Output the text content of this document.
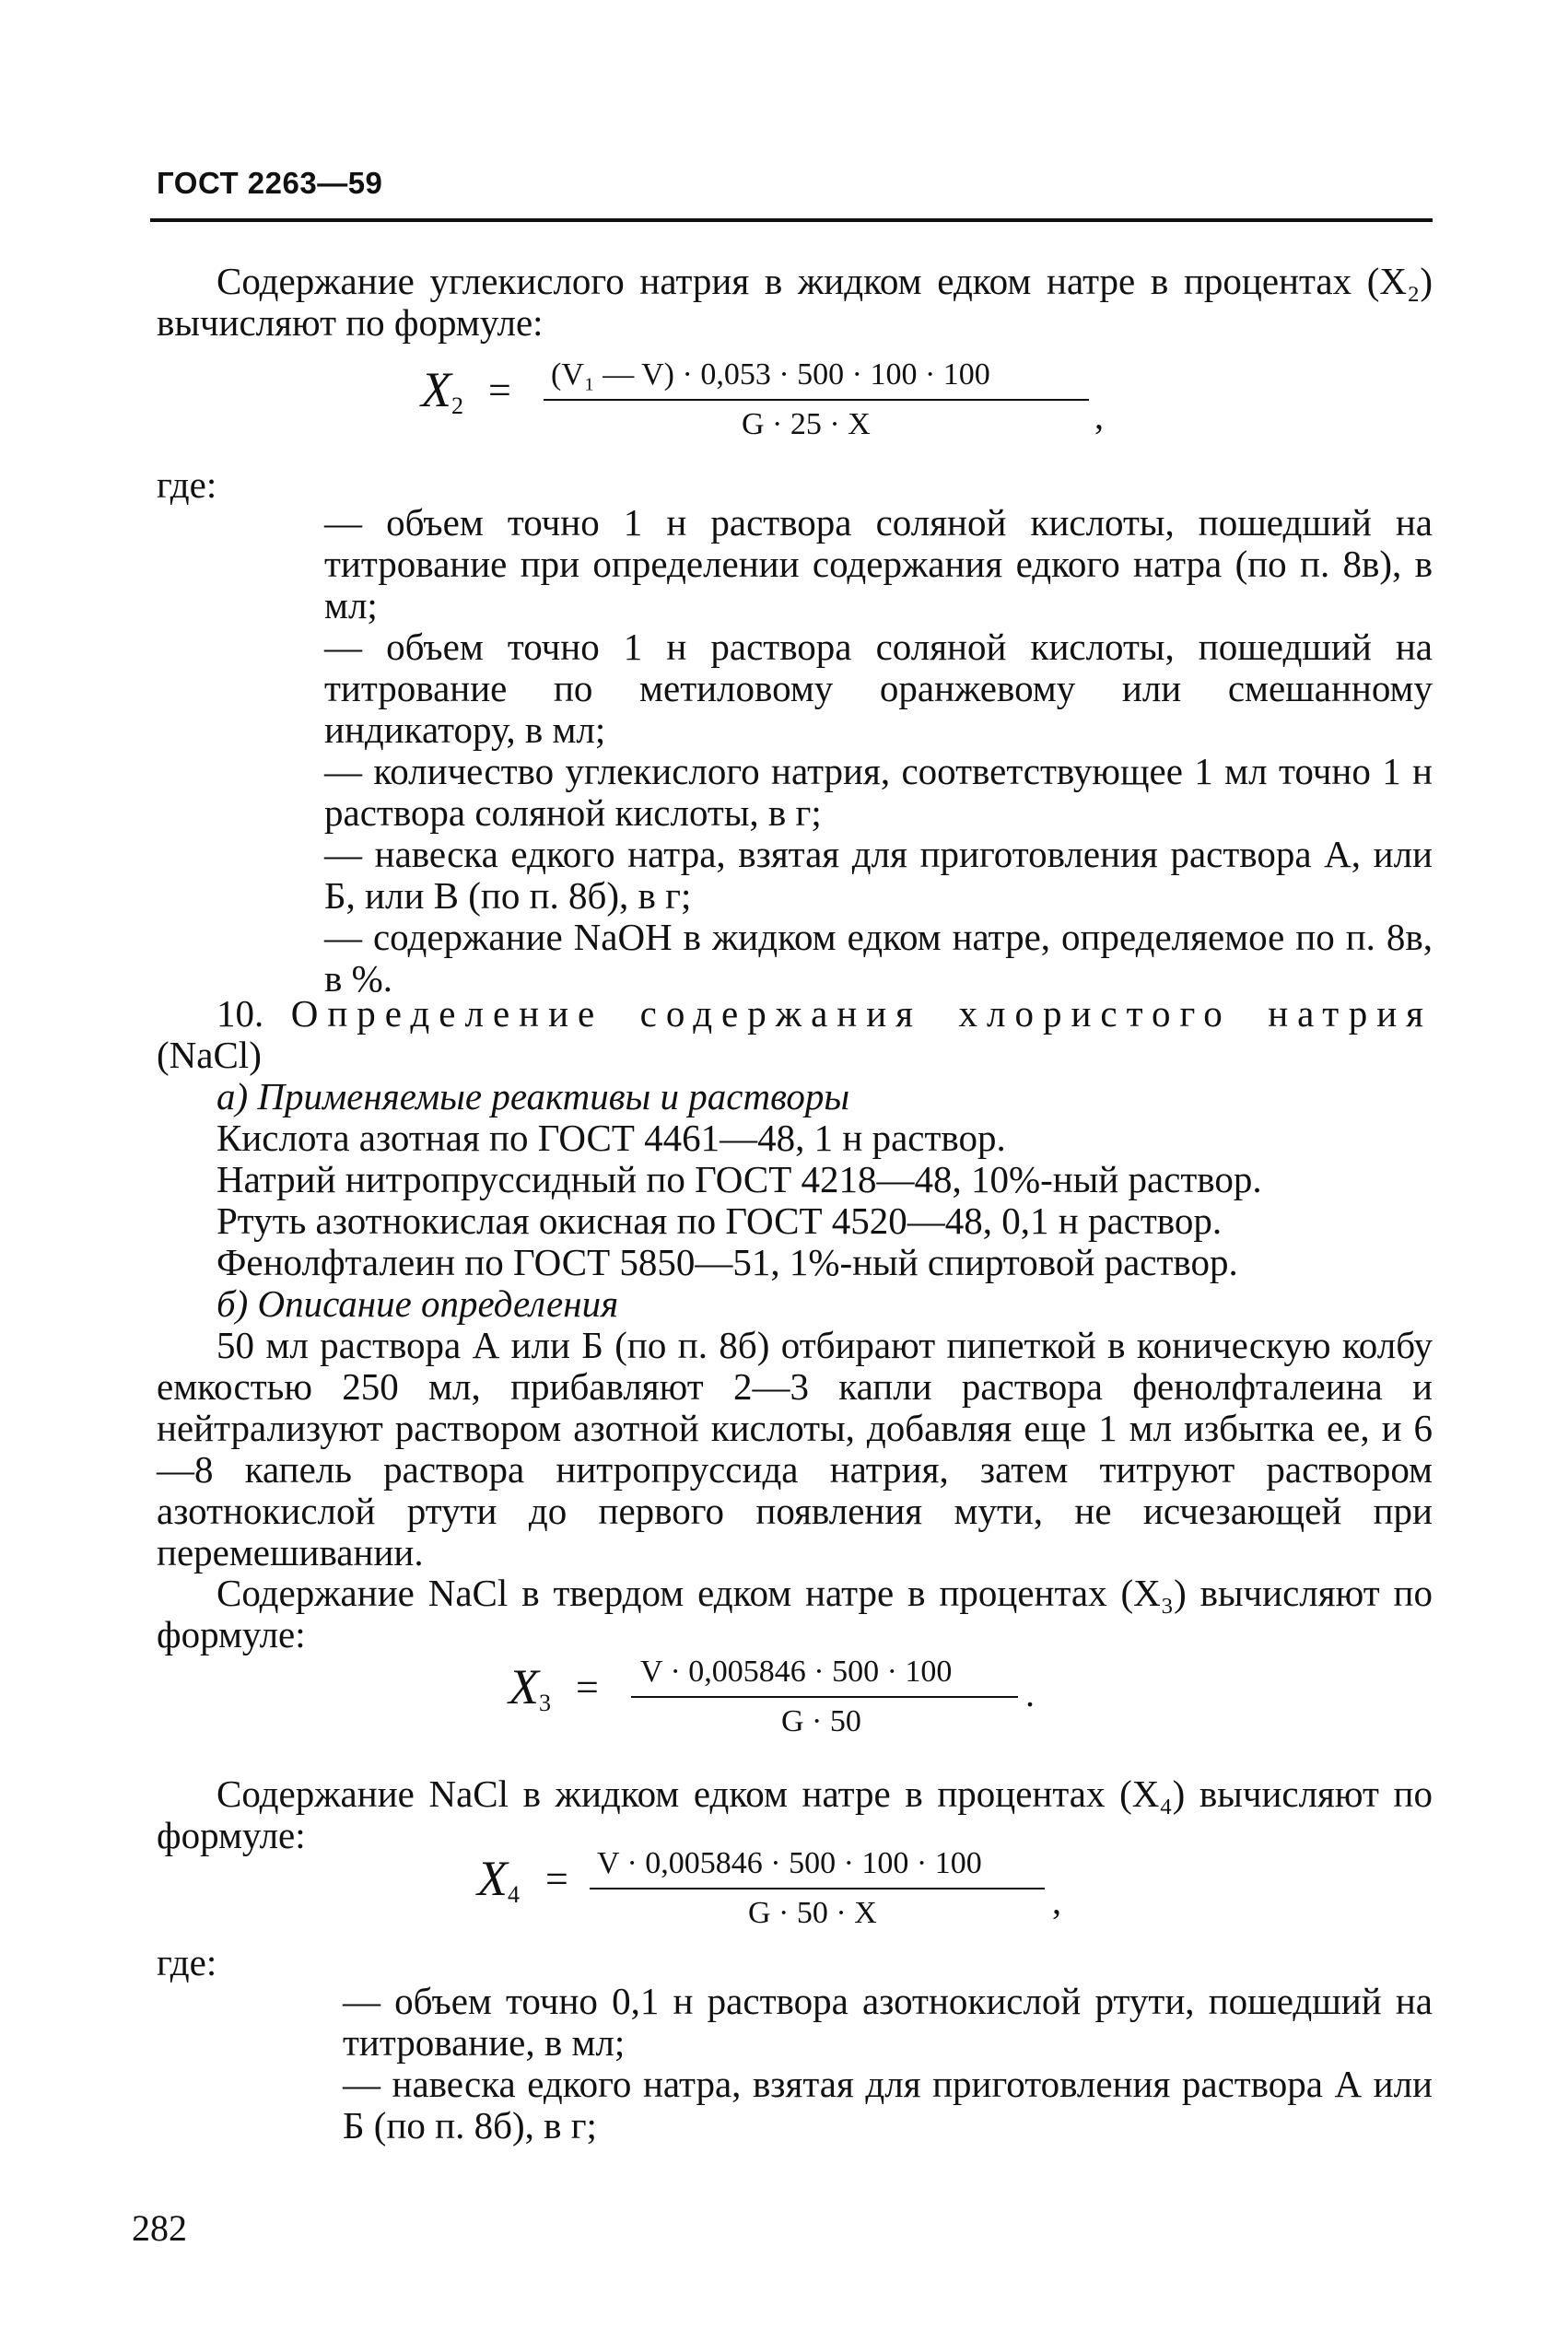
ГОСТ 2263—59

Содержание углекислого натрия в жидком едком натре в процентах (X₂) вычисляют по формуле:

$X_2 = (V_1$ — V) · 0,053 · 500 · 100 · 100
G · 25 · X	,

где:

— объем точно 1 н раствора соляной кислоты, пошедший на титрование при определении содержания едкого натра (по п. 8в), в мл;
— объем точно 1 н раствора соляной кислоты, пошедший на титрование по метиловому оранжевому или смешанному индикатору, в мл;
— количество углекислого натрия, соответствующее 1 мл точно 1 н раствора соляной кислоты, в г;
— навеска едкого натра, взятая для приготовления раствора А, или Б, или В (по п. 8б), в г;
— содержание NaOH в жидком едком натре, определяемое по п. 8в, в %.

10. Определение содержания хлористого натрия (NaCl)

а) Применяемые реактивы и растворы

Кислота азотная по ГОСТ 4461—48, 1 н раствор.

Натрий нитропруссидный по ГОСТ 4218—48, 10%-ный раствор.

Ртуть азотнокислая окисная по ГОСТ 4520—48, 0,1 н раствор.

Фенолфталеин по ГОСТ 5850—51, 1%-ный спиртовой раствор.

б) Описание определения

50 мл раствора А или Б (по п. 8б) отбирают пипеткой в коническую колбу емкостью 250 мл, прибавляют 2—3 капли раствора фенолфталеина и нейтрализуют раствором азотной кислоты, добавляя еще 1 мл избытка ее, и 6—8 капель раствора нитропруссида натрия, затем титруют раствором азотнокислой ртути до первого появления мути, не исчезающей при перемешивании.

Содержание NaCl в твердом едком натре в процентах (X₃) вычисляют по формуле:

$X_3 = V \cdot 0,005846 \cdot 500 \cdot 100$
G · 50
.

Содержание NaCl в жидком едком натре в процентах (X₄) вычисляют по формуле:

$X_4 = V \cdot 0,005846 \cdot 500 \cdot 100 \cdot 100$
G · 50 · X	,

где:

— объем точно 0,1 н раствора азотнокислой ртути, пошедший на титрование, в мл;
— навеска едкого натра, взятая для приготовления раствора А или Б (по п. 8б), в г;
282
